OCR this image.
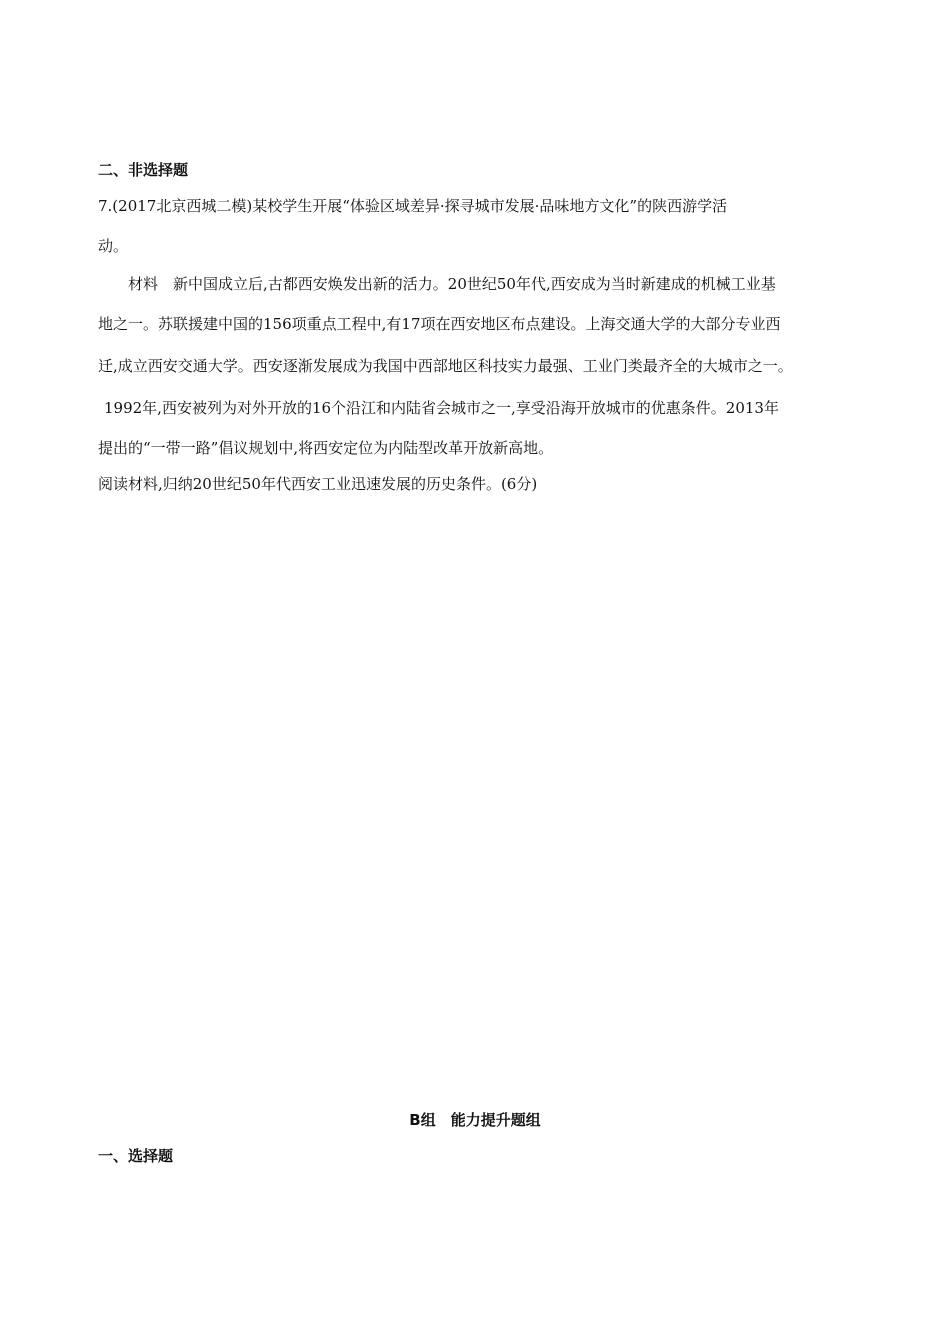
二、非选择题
7.(2017北京西城二模)某校学生开展“体验区域差异·探寻城市发展·品味地方文化”的陕西游学活
动。
材料　新中国成立后,古都西安焕发出新的活力。20世纪50年代,西安成为当时新建成的机械工业基
地之一。苏联援建中国的156项重点工程中,有17项在西安地区布点建设。上海交通大学的大部分专业西
迁,成立西安交通大学。西安逐渐发展成为我国中西部地区科技实力最强、工业门类最齐全的大城市之一。
1992年,西安被列为对外开放的16个沿江和内陆省会城市之一,享受沿海开放城市的优惠条件。2013年
提出的“一带一路”倡议规划中,将西安定位为内陆型改革开放新高地。
阅读材料,归纳20世纪50年代西安工业迅速发展的历史条件。(6分)
B组　能力提升题组
一、选择题
